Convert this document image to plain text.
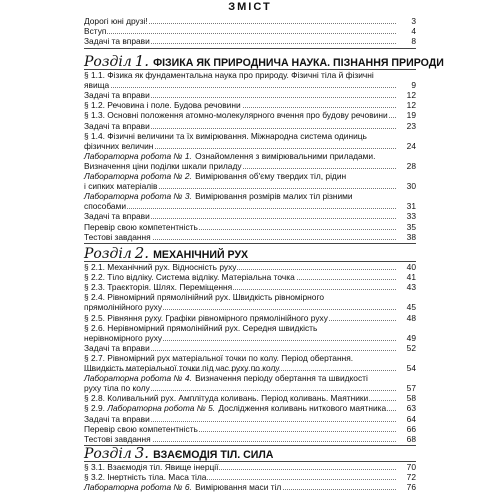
ЗМІСТ
Дорогі юні друзі!	3
Вступ	4
Задачі та вправи	8
Розділ 1. ФІЗИКА ЯК ПРИРОДНИЧА НАУКА. ПІЗНАННЯ ПРИРОДИ
§ 1.1. Фізика як фундаментальна наука про природу. Фізичні тіла й фізичні
явища	9
Задачі та вправи	12
§ 1.2. Речовина і поле. Будова речовини	12
§ 1.3. Основні положення атомно-молекулярного вчення про будову речовини	19
Задачі та вправи	23
§ 1.4. Фізичні величини та їх вимірювання. Міжнародна система одиниць
фізичних величин	24
Лабораторна робота № 1. Ознайомлення з вимірювальними приладами.
Визначення ціни поділки шкали приладу	28
Лабораторна робота № 2. Вимірювання об'єму твердих тіл, рідин
і сипких матеріалів	30
Лабораторна робота № 3. Вимірювання розмірів малих тіл різними
способами	31
Задачі та вправи	33
Перевір свою компетентність	35
Тестові завдання	38
Розділ 2. МЕХАНІЧНИЙ РУХ
§ 2.1. Механічний рух. Відносність руху	40
§ 2.2. Тіло відліку. Система відліку. Матеріальна точка	41
§ 2.3. Траєкторія. Шлях. Переміщення	43
§ 2.4. Рівномірний прямолінійний рух. Швидкість рівномірного
прямолінійного руху	45
§ 2.5. Рівняння руху. Графіки рівномірного прямолінійного руху	48
§ 2.6. Нерівномірний прямолінійний рух. Середня швидкість
нерівномірного руху	49
Задачі та вправи	52
§ 2.7. Рівномірний рух матеріальної точки по колу. Період обертання.
Швидкість матеріальної точки під час руху по колу	54
Лабораторна робота № 4. Визначення періоду обертання та швидкості
руху тіла по колу	57
§ 2.8. Коливальний рух. Амплітуда коливань. Період коливань. Маятники	58
§ 2.9. Лабораторна робота № 5. Дослідження коливань ниткового маятника	63
Задачі та вправи	64
Перевір свою компетентність	66
Тестові завдання	68
Розділ 3. ВЗАЄМОДІЯ ТІЛ. СИЛА
§ 3.1. Взаємодія тіл. Явище інерції	70
§ 3.2. Інертність тіла. Маса тіла	72
Лабораторна робота № 6. Вимірювання маси тіл	76
